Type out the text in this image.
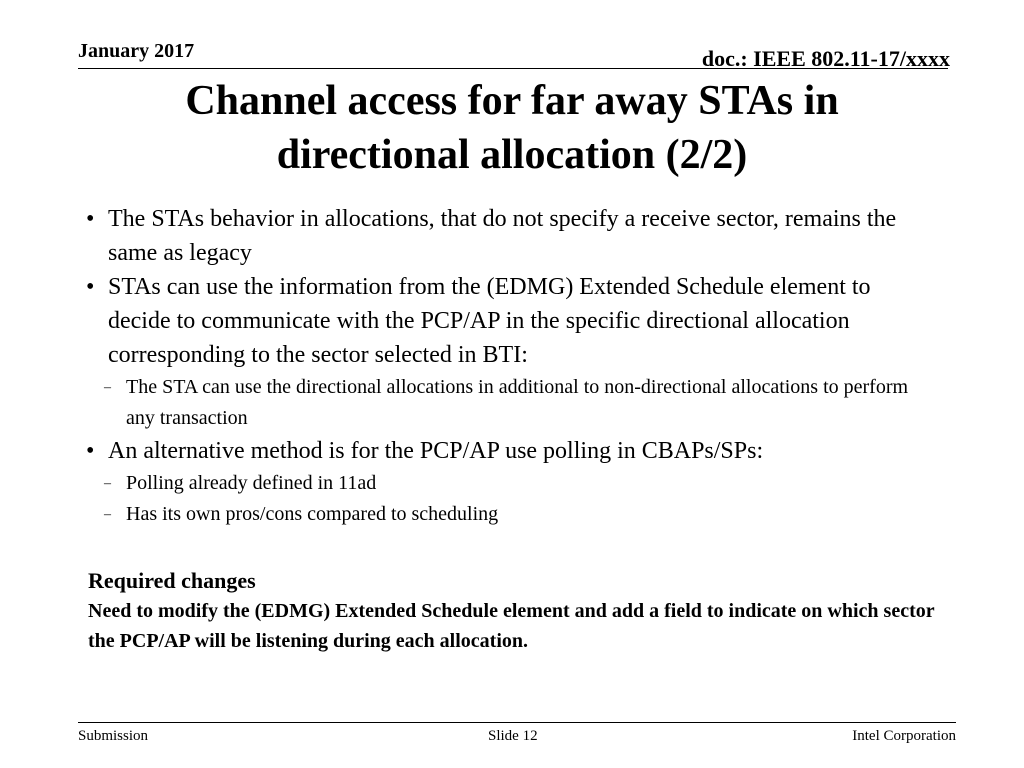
January 2017	doc.: IEEE 802.11-17/xxxx
Channel access for far away STAs in
directional allocation (2/2)
• The STAs behavior in allocations, that do not specify a receive sector, remains the same as legacy
• STAs can use the information from the (EDMG) Extended Schedule element to decide to communicate with the PCP/AP in the specific directional allocation corresponding to the sector selected in BTI:
– The STA can use the directional allocations in additional to non-directional allocations to perform any transaction
• An alternative method is for the PCP/AP use polling in CBAPs/SPs:
– Polling already defined in 11ad
– Has its own pros/cons compared to scheduling
Required changes
Need to modify the (EDMG) Extended Schedule element and add a field to indicate on which sector the PCP/AP will be listening during each allocation.
Submission	Slide 12	Intel Corporation
